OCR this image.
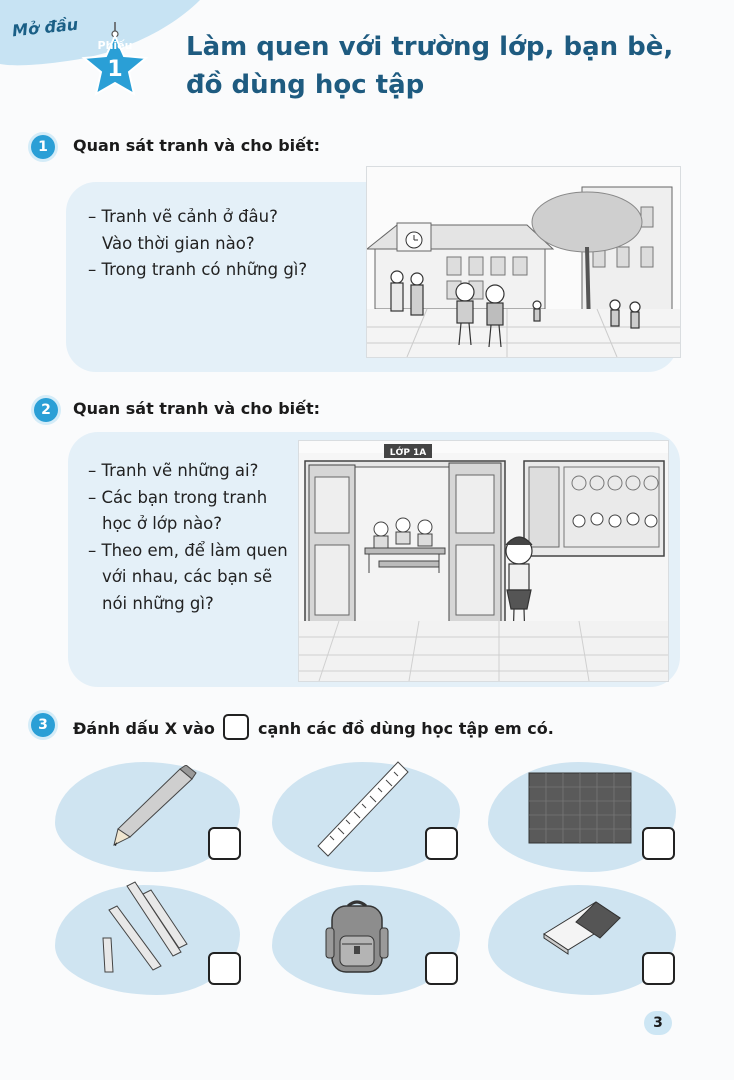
Mở đầu
Phiếu
1
Làm quen với trường lớp, bạn bè,
đồ dùng học tập
1	Quan sát tranh và cho biết:
– Tranh vẽ cảnh ở đâu?
Vào thời gian nào?
– Trong tranh có những gì?
2	Quan sát tranh và cho biết:
– Tranh vẽ những ai?
– Các bạn trong tranh
học ở lớp nào?
– Theo em, để làm quen
với nhau, các bạn sẽ
nói những gì?
LỚP 1A
3	Đánh dấu X vào	cạnh các đồ dùng học tập em có.
3
